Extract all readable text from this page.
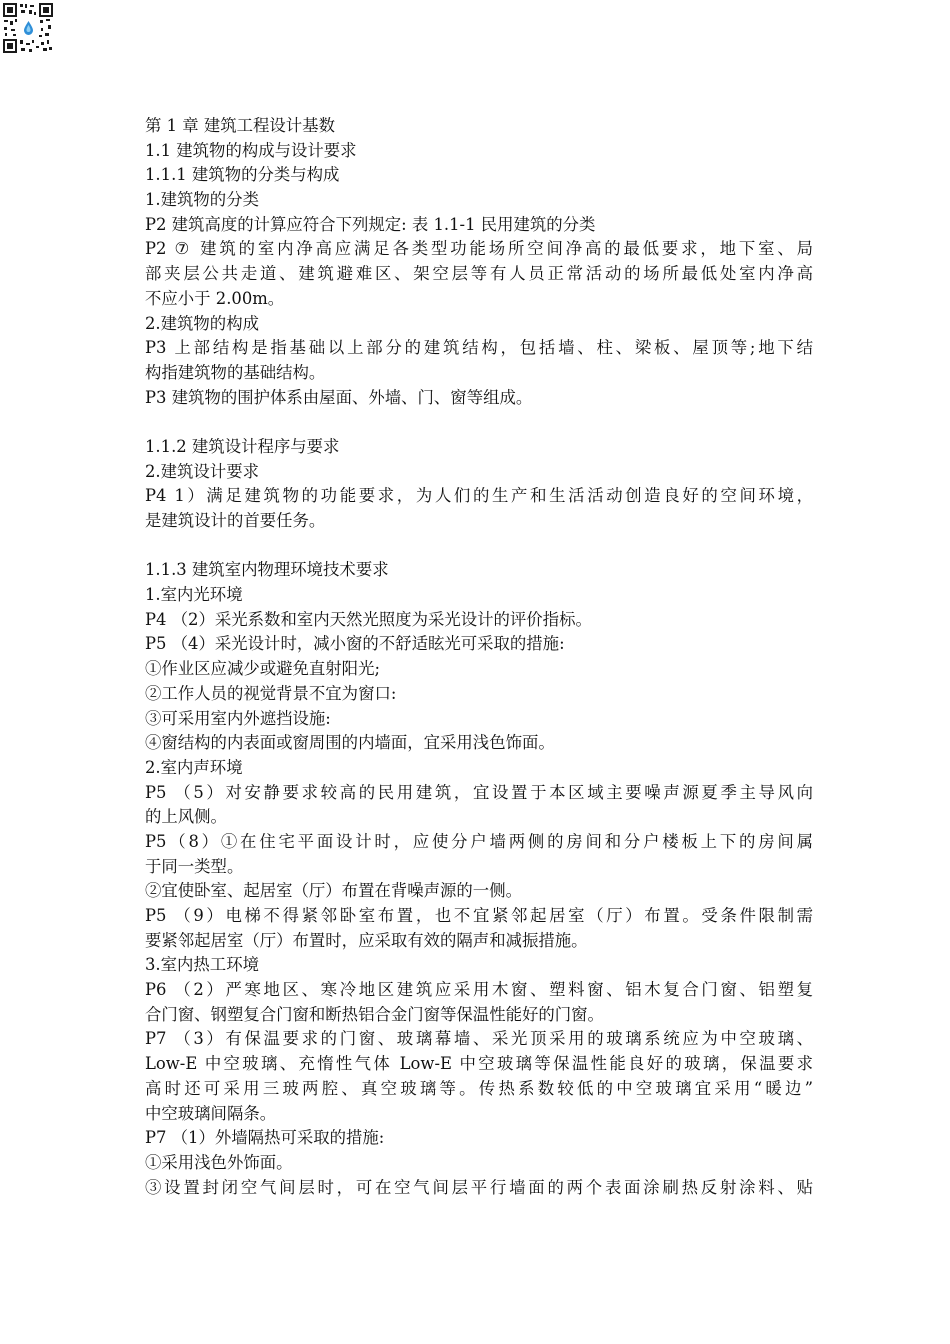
第 1 章 建筑工程设计基数
1.1 建筑物的构成与设计要求
1.1.1 建筑物的分类与构成
1.建筑物的分类
P2 建筑高度的计算应符合下列规定: 表 1.1-1 民用建筑的分类
P2 ⑦ 建筑的室内净高应满足各类型功能场所空间净高的最低要求，地下室、局
部夹层公共走道、建筑避难区、架空层等有人员正常活动的场所最低处室内净高
不应小于 2.00m。
2.建筑物的构成
P3 上部结构是指基础以上部分的建筑结构，包括墙、柱、梁板、屋顶等;地下结
构指建筑物的基础结构。
P3 建筑物的围护体系由屋面、外墙、门、窗等组成。
1.1.2 建筑设计程序与要求
2.建筑设计要求
P4 1）满足建筑物的功能要求，为人们的生产和生活活动创造良好的空间环境，
是建筑设计的首要任务。
1.1.3 建筑室内物理环境技术要求
1.室内光环境
P4 （2）采光系数和室内天然光照度为采光设计的评价指标。
P5 （4）采光设计时，减小窗的不舒适眩光可采取的措施:
①作业区应减少或避免直射阳光;
②工作人员的视觉背景不宜为窗口:
③可采用室内外遮挡设施:
④窗结构的内表面或窗周围的内墙面，宜采用浅色饰面。
2.室内声环境
P5 （5）对安静要求较高的民用建筑，宜设置于本区域主要噪声源夏季主导风向
的上风侧。
P5（8）①在住宅平面设计时，应使分户墙两侧的房间和分户楼板上下的房间属
于同一类型。
②宜使卧室、起居室（厅）布置在背噪声源的一侧。
P5 （9）电梯不得紧邻卧室布置，也不宜紧邻起居室（厅）布置。受条件限制需
要紧邻起居室（厅）布置时，应采取有效的隔声和减振措施。
3.室内热工环境
P6 （2）严寒地区、寒冷地区建筑应采用木窗、塑料窗、铝木复合门窗、铝塑复
合门窗、钢塑复合门窗和断热铝合金门窗等保温性能好的门窗。
P7 （3）有保温要求的门窗、玻璃幕墙、采光顶采用的玻璃系统应为中空玻璃、
Low-E 中空玻璃、充惰性气体 Low-E 中空玻璃等保温性能良好的玻璃，保温要求
高时还可采用三玻两腔、真空玻璃等。传热系数较低的中空玻璃宜采用“暖边”
中空玻璃间隔条。
P7 （1）外墙隔热可采取的措施:
①采用浅色外饰面。
③设置封闭空气间层时，可在空气间层平行墙面的两个表面涂刷热反射涂料、贴
